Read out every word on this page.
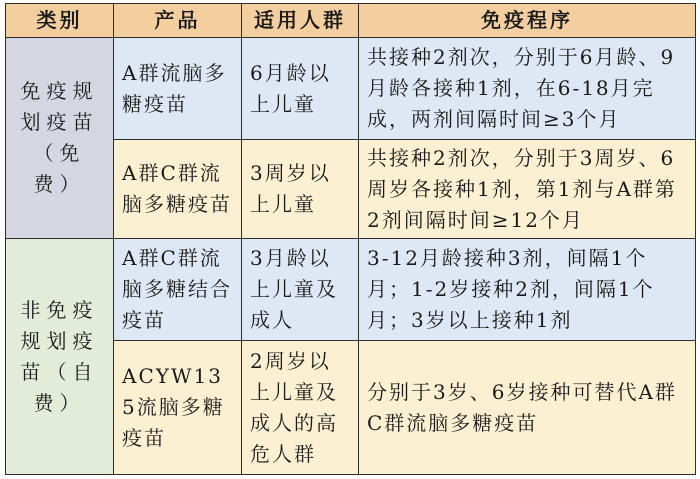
类别	产品	适用人群	免疫程序
免疫规划疫苗（免费）	A群流脑多糖疫苗	6月龄以上儿童	共接种2剂次，分别于6月龄、9月龄各接种1剂，在6-18月完成，两剂间隔时间≥3个月
	A群C群流脑多糖疫苗	3周岁以上儿童	共接种2剂次，分别于3周岁、6周岁各接种1剂，第1剂与A群第2剂间隔时间≥12个月
非免疫规划疫苗（自费）	A群C群流脑多糖结合疫苗	3月龄以上儿童及成人	3-12月龄接种3剂，间隔1个月；1-2岁接种2剂，间隔1个月；3岁以上接种1剂
	ACYW135流脑多糖疫苗	2周岁以上儿童及成人的高危人群	分别于3岁、6岁接种可替代A群C群流脑多糖疫苗
